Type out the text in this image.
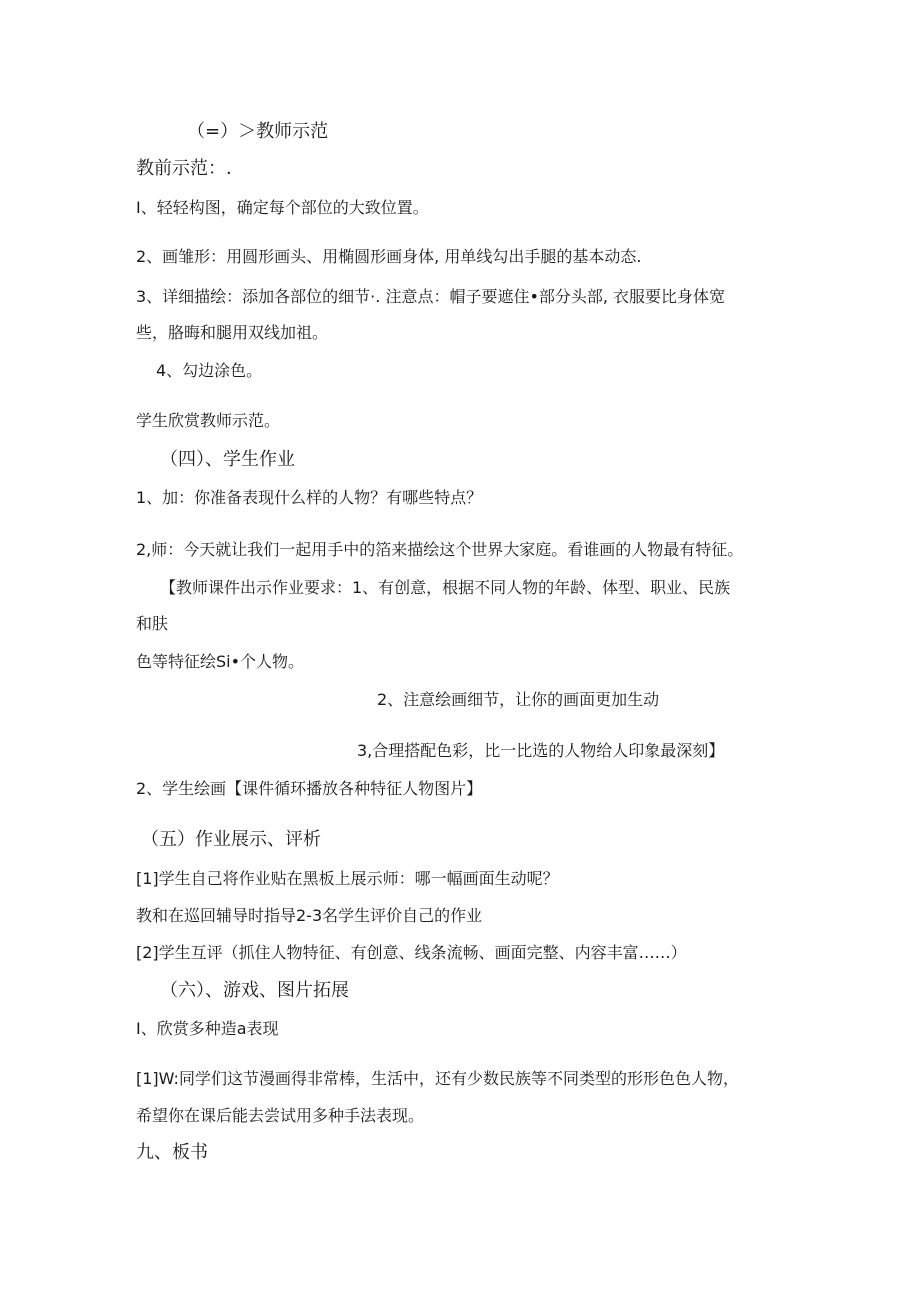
（=）＞教师示范
教前示范：.
I、轻轻构图，确定每个部位的大致位置。
2、画雏形：用圆形画头、用椭圆形画身体, 用单线勾出手腿的基本动态.
3、详细描绘：添加各部位的细节·. 注意点：帽子要遮住•部分头部, 衣服要比身体宽
些，胳晦和腿用双线加祖。
4、勾边涂色。
学生欣赏教师示范。
（四）、学生作业
1、加：你准备表现什么样的人物？有哪些特点？
2,师：今天就让我们一起用手中的箔来描绘这个世界大家庭。看谁画的人物最有特征。
【教师课件出示作业要求：1、有创意，根据不同人物的年龄、体型、职业、民族
和肤
色等特征绘Si•个人物。
2、注意绘画细节，让你的画面更加生动
3,合理搭配色彩，比一比选的人物给人印象最深刻】
2、学生绘画【课件循环播放各种特征人物图片】
（五）作业展示、评析
[1]学生自己将作业贴在黑板上展示师：哪一幅画面生动呢？
教和在巡回辅导时指导2-3名学生评价自己的作业
[2]学生互评（抓住人物特征、有创意、线条流畅、画面完整、内容丰富……）
（六）、游戏、图片拓展
I、欣赏多种造a表现
[1]W:同学们这节漫画得非常棒，生活中，还有少数民族等不同类型的形形色色人物，
希望你在课后能去尝试用多种手法表现。
九、板书
